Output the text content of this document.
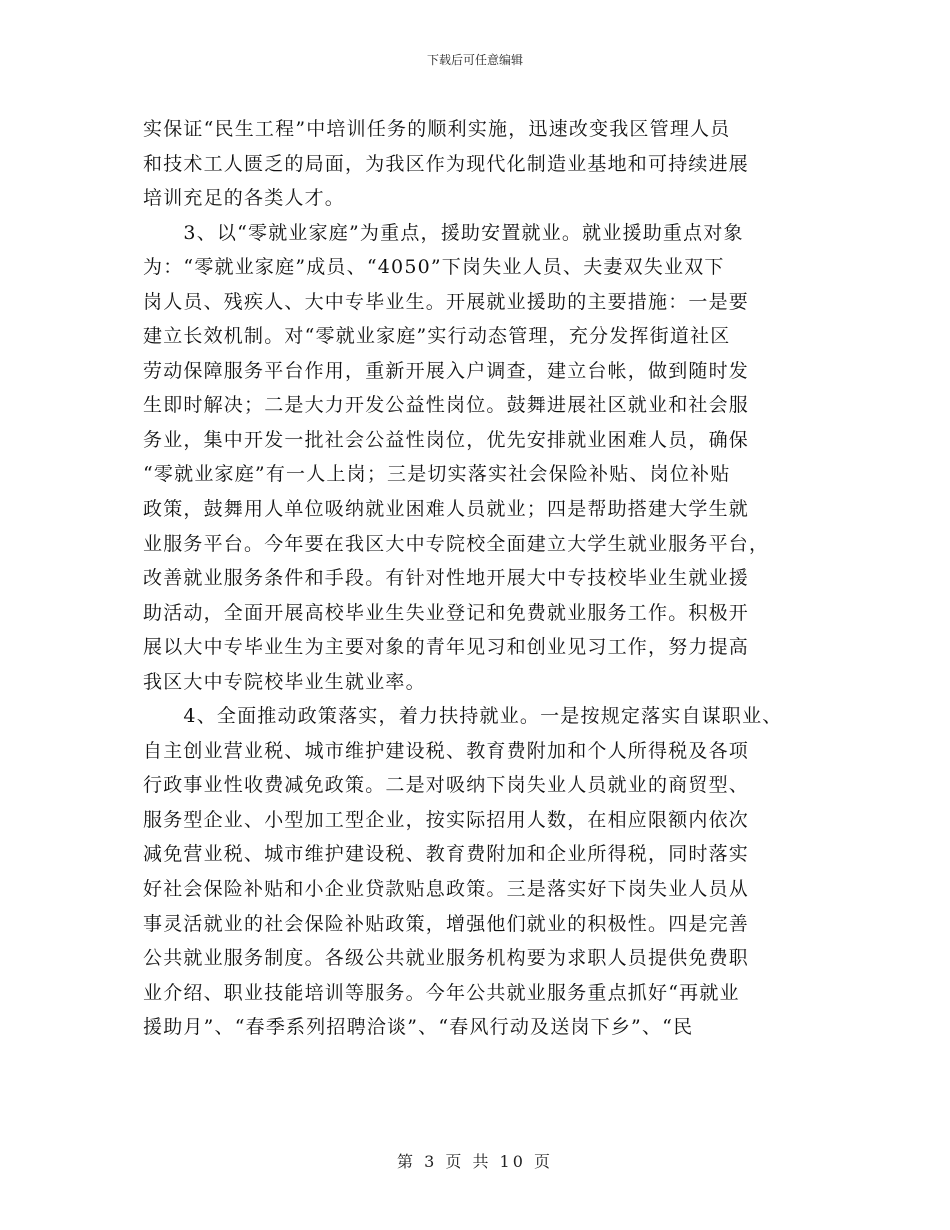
下载后可任意编辑
实保证“民生工程”中培训任务的顺利实施，迅速改变我区管理人员
和技术工人匮乏的局面，为我区作为现代化制造业基地和可持续进展
培训充足的各类人才。
　　3、以“零就业家庭”为重点，援助安置就业。就业援助重点对象
为：“零就业家庭”成员、“4050”下岗失业人员、夫妻双失业双下
岗人员、残疾人、大中专毕业生。开展就业援助的主要措施：一是要
建立长效机制。对“零就业家庭”实行动态管理，充分发挥街道社区
劳动保障服务平台作用，重新开展入户调查，建立台帐，做到随时发
生即时解决；二是大力开发公益性岗位。鼓舞进展社区就业和社会服
务业，集中开发一批社会公益性岗位，优先安排就业困难人员，确保
“零就业家庭”有一人上岗；三是切实落实社会保险补贴、岗位补贴
政策，鼓舞用人单位吸纳就业困难人员就业；四是帮助搭建大学生就
业服务平台。今年要在我区大中专院校全面建立大学生就业服务平台，
改善就业服务条件和手段。有针对性地开展大中专技校毕业生就业援
助活动，全面开展高校毕业生失业登记和免费就业服务工作。积极开
展以大中专毕业生为主要对象的青年见习和创业见习工作，努力提高
我区大中专院校毕业生就业率。
　　4、全面推动政策落实，着力扶持就业。一是按规定落实自谋职业、
自主创业营业税、城市维护建设税、教育费附加和个人所得税及各项
行政事业性收费减免政策。二是对吸纳下岗失业人员就业的商贸型、
服务型企业、小型加工型企业，按实际招用人数，在相应限额内依次
减免营业税、城市维护建设税、教育费附加和企业所得税，同时落实
好社会保险补贴和小企业贷款贴息政策。三是落实好下岗失业人员从
事灵活就业的社会保险补贴政策，增强他们就业的积极性。四是完善
公共就业服务制度。各级公共就业服务机构要为求职人员提供免费职
业介绍、职业技能培训等服务。今年公共就业服务重点抓好“再就业
援助月”、“春季系列招聘洽谈”、“春风行动及送岗下乡”、“民
第 3 页 共 10 页
